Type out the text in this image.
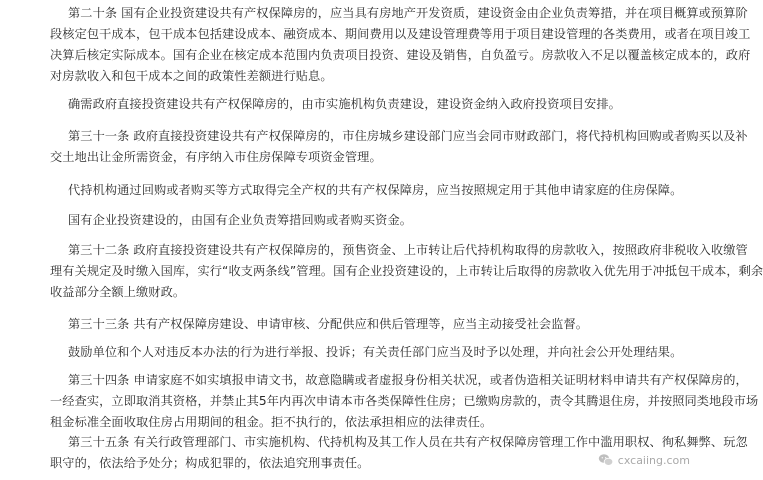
第二十条 国有企业投资建设共有产权保障房的，应当具有房地产开发资质，建设资金由企业负责筹措，并在项目概算或预算阶
段核定包干成本，包干成本包括建设成本、融资成本、期间费用以及建设管理费等用于项目建设管理的各类费用，或者在项目竣工
决算后核定实际成本。国有企业在核定成本范围内负责项目投资、建设及销售，自负盈亏。房款收入不足以覆盖核定成本的，政府
对房款收入和包干成本之间的政策性差额进行贴息。
确需政府直接投资建设共有产权保障房的，由市实施机构负责建设，建设资金纳入政府投资项目安排。
第三十一条 政府直接投资建设共有产权保障房的，市住房城乡建设部门应当会同市财政部门，将代持机构回购或者购买以及补
交土地出让金所需资金，有序纳入市住房保障专项资金管理。
代持机构通过回购或者购买等方式取得完全产权的共有产权保障房，应当按照规定用于其他申请家庭的住房保障。
国有企业投资建设的，由国有企业负责筹措回购或者购买资金。
第三十二条 政府直接投资建设共有产权保障房的，预售资金、上市转让后代持机构取得的房款收入，按照政府非税收入收缴管
理有关规定及时缴入国库，实行“收支两条线”管理。国有企业投资建设的，上市转让后取得的房款收入优先用于冲抵包干成本，剩余
收益部分全额上缴财政。
第三十三条 共有产权保障房建设、申请审核、分配供应和供后管理等，应当主动接受社会监督。
鼓励单位和个人对违反本办法的行为进行举报、投诉；有关责任部门应当及时予以处理，并向社会公开处理结果。
第三十四条 申请家庭不如实填报申请文书，故意隐瞒或者虚报身份相关状况，或者伪造相关证明材料申请共有产权保障房的，
一经查实，立即取消其资格，并禁止其5年内再次申请本市各类保障性住房；已缴购房款的，责令其腾退住房，并按照同类地段市场
租金标准全面收取住房占用期间的租金。拒不执行的，依法承担相应的法律责任。
第三十五条 有关行政管理部门、市实施机构、代持机构及其工作人员在共有产权保障房管理工作中滥用职权、徇私舞弊、玩忽
职守的，依法给予处分；构成犯罪的，依法追究刑事责任。	cxcaiing.com
